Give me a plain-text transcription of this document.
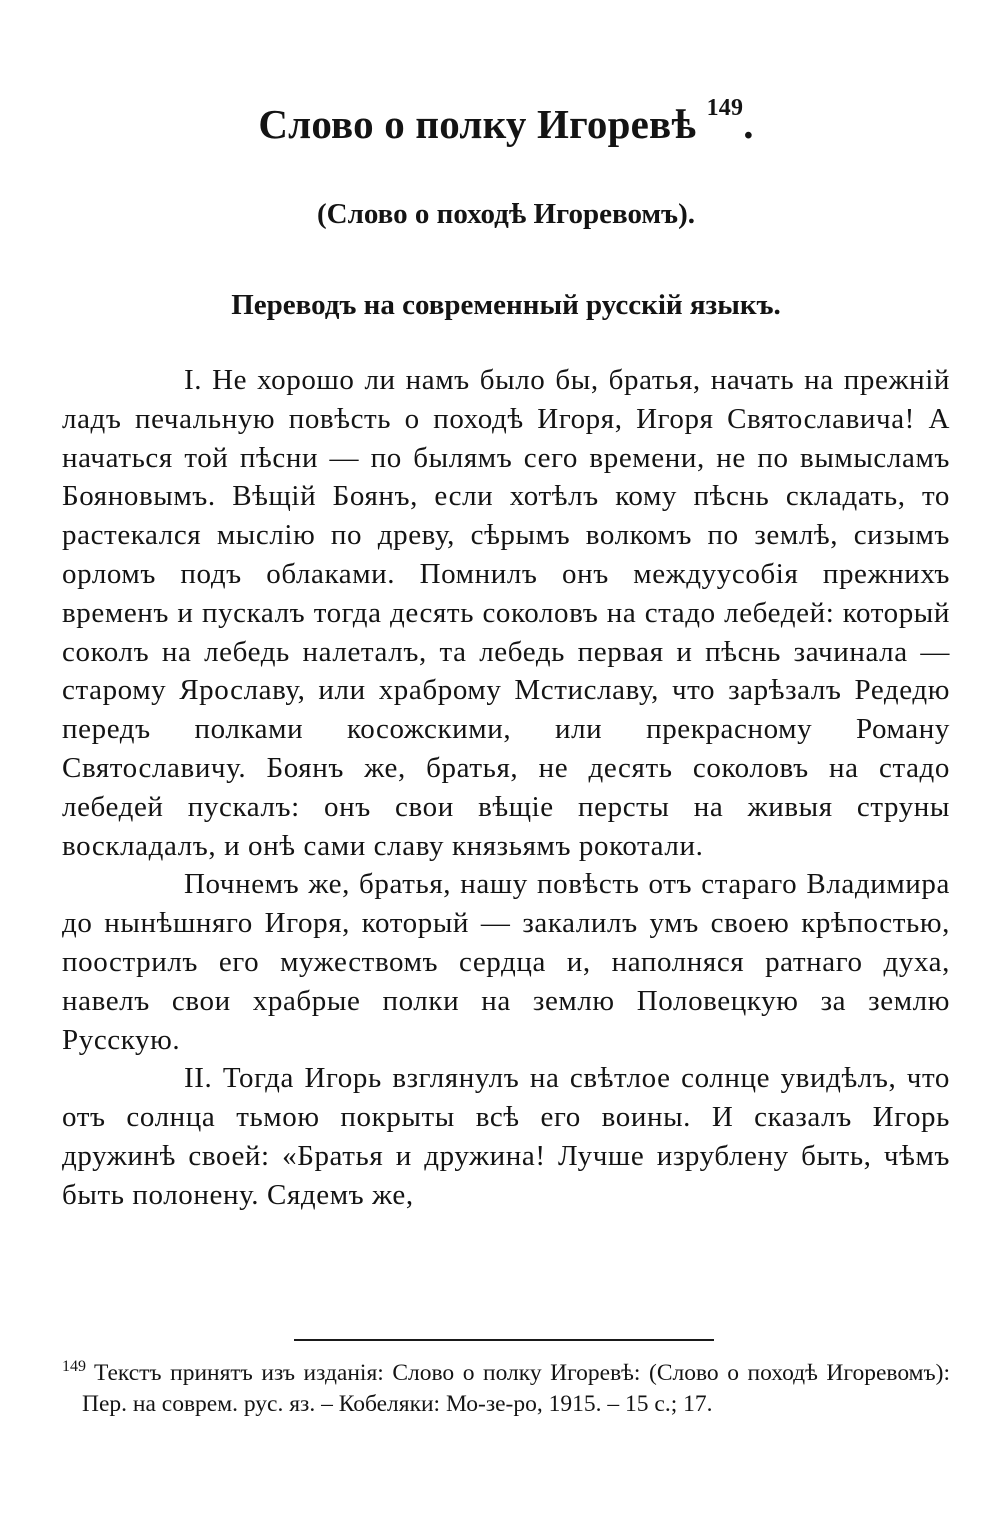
Слово о полку Игоревѣ $^{149}$.
(Слово о походѣ Игоревомъ).
Переводъ на современный русскій языкъ.

I. Не хорошо ли намъ было бы, братья, начать на прежній ладъ печальную повѣсть о походѣ Игоря, Игоря Святославича! А начаться той пѣсни — по былямъ сего времени, не по вымысламъ Бояновымъ. Вѣщій Боянъ, если хотѣлъ кому пѣснь складать, то растекался мыслію по древу, сѣрымъ волкомъ по землѣ, сизымъ орломъ подъ облаками. Помнилъ онъ междуусобія прежнихъ временъ и пускалъ тогда десять соколовъ на стадо лебедей: который соколъ на лебедь налеталъ, та лебедь первая и пѣснь зачинала — старому Ярославу, или храброму Мстиславу, что зарѣзалъ Редедю передъ полками косожскими, или прекрасному Роману Святославичу. Боянъ же, братья, не десять соколовъ на стадо лебедей пускалъ: онъ свои вѣщіе персты на живыя струны воскладалъ, и онѣ сами славу князьямъ рокотали.

Почнемъ же, братья, нашу повѣсть отъ стараго Владимира до нынѣшняго Игоря, который — закалилъ умъ своею крѣпостью, поострилъ его мужествомъ сердца и, наполняся ратнаго духа, навелъ свои храбрые полки на землю Половецкую за землю Русскую.

II. Тогда Игорь взглянулъ на свѣтлое солнце увидѣлъ, что отъ солнца тьмою покрыты всѣ его воины. И сказалъ Игорь дружинѣ своей: «Братья и дружина! Лучше изрублену быть, чѣмъ быть полонену. Сядемъ же,

$^{149}$ Текстъ принятъ изъ изданія: Слово о полку Игоревѣ: (Слово о походѣ Игоревомъ): Пер. на соврем. рус. яз. – Кобеляки: Мо-зе-ро, 1915. – 15 с.; 17.
